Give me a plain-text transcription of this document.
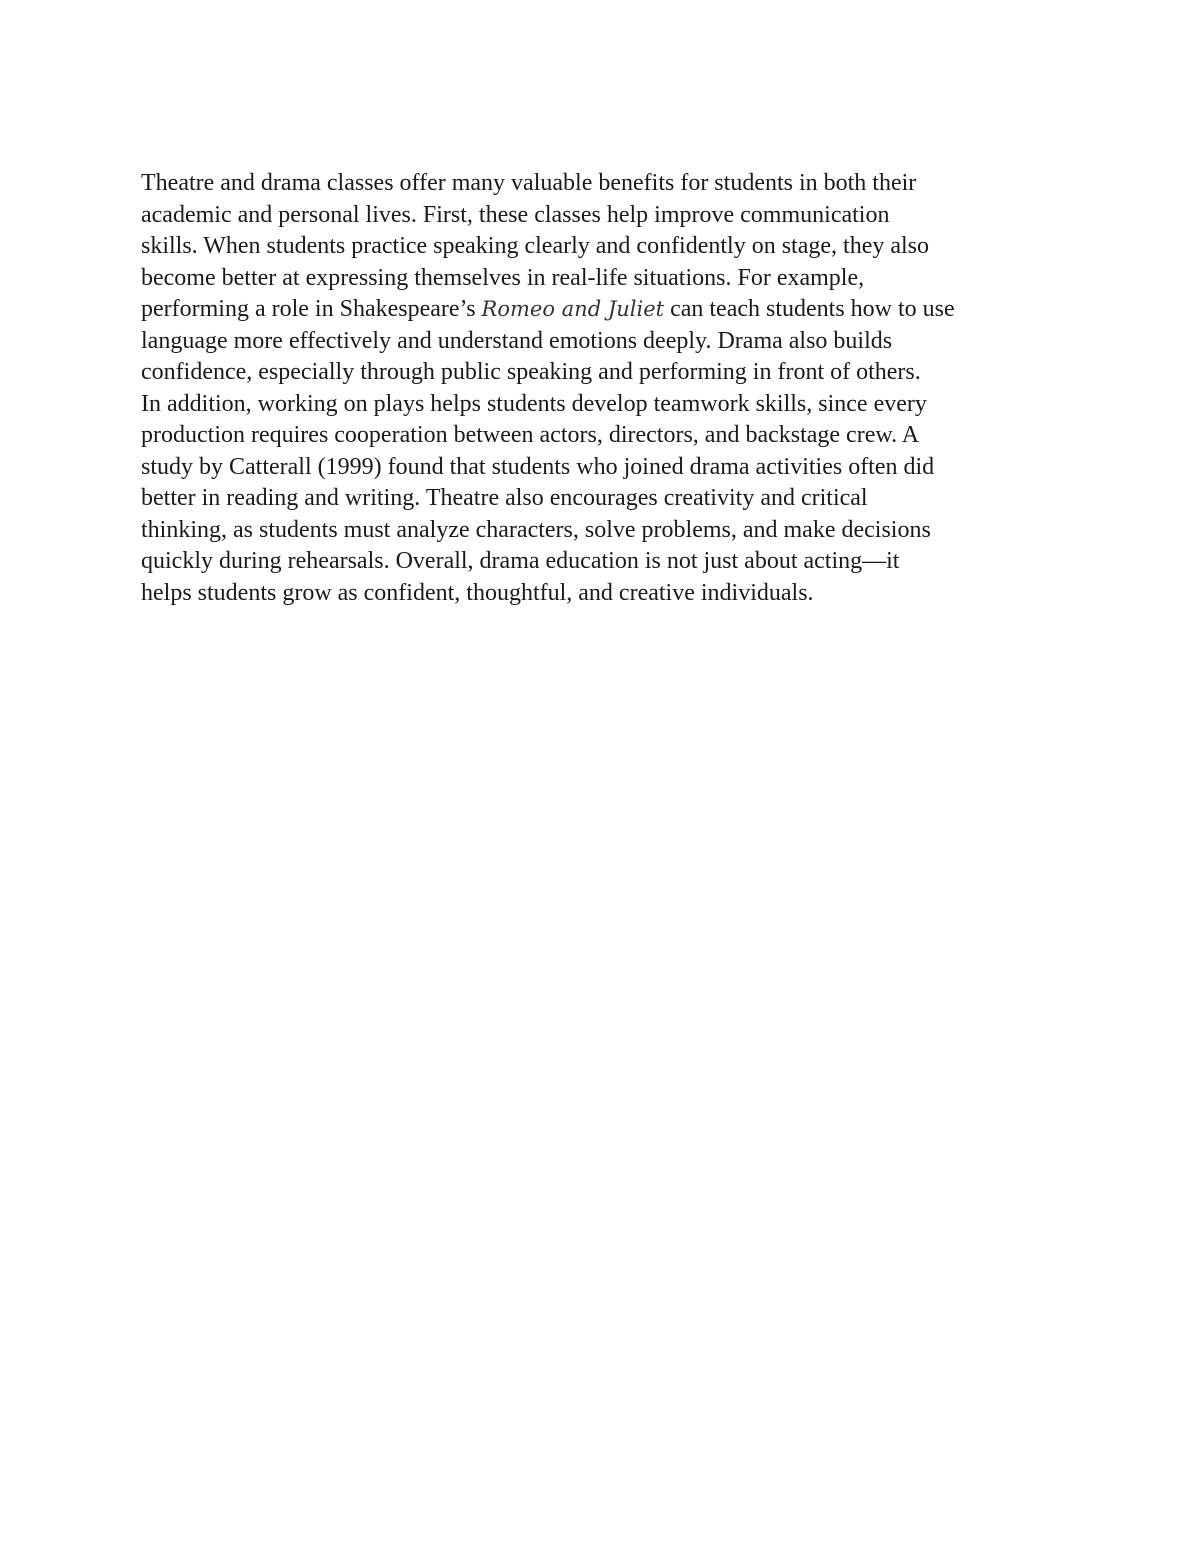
Theatre and drama classes offer many valuable benefits for students in both their
academic and personal lives. First, these classes help improve communication
skills. When students practice speaking clearly and confidently on stage, they also
become better at expressing themselves in real-life situations. For example,
performing a role in Shakespeare’s Romeo and Juliet can teach students how to use
language more effectively and understand emotions deeply. Drama also builds
confidence, especially through public speaking and performing in front of others.
In addition, working on plays helps students develop teamwork skills, since every
production requires cooperation between actors, directors, and backstage crew. A
study by Catterall (1999) found that students who joined drama activities often did
better in reading and writing. Theatre also encourages creativity and critical
thinking, as students must analyze characters, solve problems, and make decisions
quickly during rehearsals. Overall, drama education is not just about acting—it
helps students grow as confident, thoughtful, and creative individuals.
